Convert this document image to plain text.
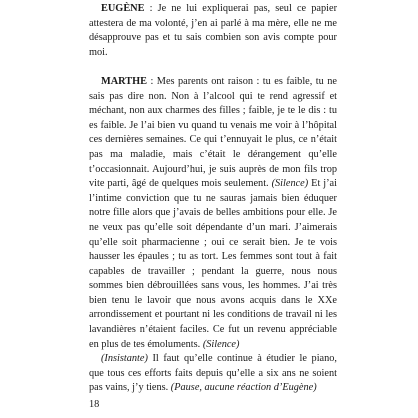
EUGÈNE : Je ne lui expliquerai pas, seul ce papier attestera de ma volonté, j’en ai parlé à ma mère, elle ne me désapprouve pas et tu sais combien son avis compte pour moi.

MARTHE : Mes parents ont raison : tu es faible, tu ne sais pas dire non. Non à l’alcool qui te rend agressif et méchant, non aux charmes des filles ; faible, je te le dis : tu es faible. Je l’ai bien vu quand tu venais me voir à l’hôpital ces dernières semaines. Ce qui t’ennuyait le plus, ce n’était pas ma maladie, mais c’était le dérangement qu’elle t’occasionnait. Aujourd’hui, je suis auprès de mon fils trop vite parti, âgé de quelques mois seulement. (Silence) Et j’ai l’intime conviction que tu ne sauras jamais bien éduquer notre fille alors que j’avais de belles ambitions pour elle. Je ne veux pas qu’elle soit dépendante d’un mari. J’aimerais qu’elle soit pharmacienne ; oui ce serait bien. Je te vois hausser les épaules ; tu as tort. Les femmes sont tout à fait capables de travailler ; pendant la guerre, nous nous sommes bien débrouillées sans vous, les hommes. J’ai très bien tenu le lavoir que nous avons acquis dans le XXe arrondissement et pourtant ni les conditions de travail ni les lavandières n’étaient faciles. Ce fut un revenu appréciable en plus de tes émoluments. (Silence)

(Insistante) Il faut qu’elle continue à étudier le piano, que tous ces efforts faits depuis qu’elle a six ans ne soient pas vains, j’y tiens. (Pause, aucune réaction d’Eugène)

18
